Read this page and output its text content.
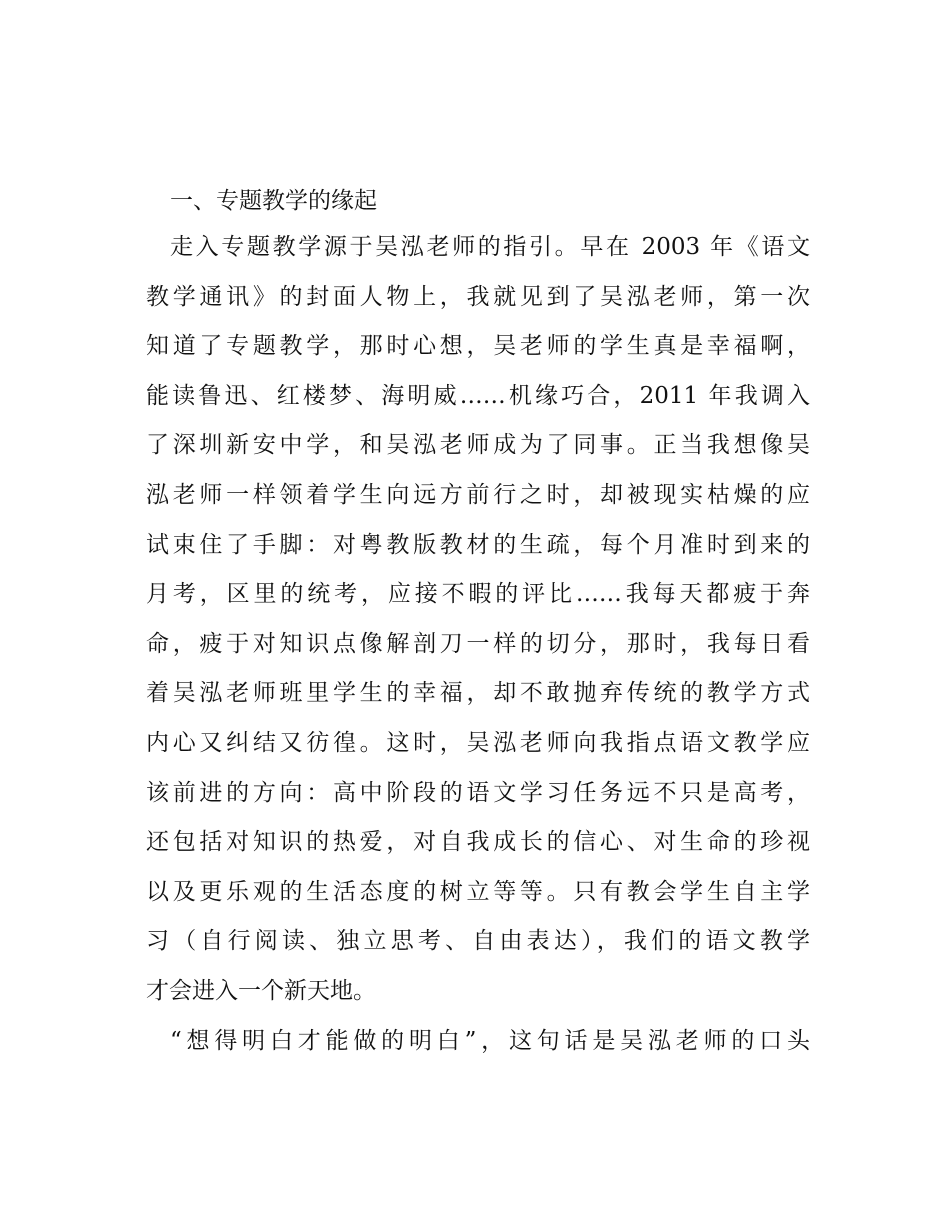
一、专题教学的缘起
走入专题教学源于吴泓老师的指引。早在 2003 年《语文
教学通讯》的封面人物上，我就见到了吴泓老师，第一次
知道了专题教学，那时心想，吴老师的学生真是幸福啊，
能读鲁迅、红楼梦、海明威……机缘巧合，2011 年我调入
了深圳新安中学，和吴泓老师成为了同事。正当我想像吴
泓老师一样领着学生向远方前行之时，却被现实枯燥的应
试束住了手脚：对粤教版教材的生疏，每个月准时到来的
月考，区里的统考，应接不暇的评比……我每天都疲于奔
命，疲于对知识点像解剖刀一样的切分，那时，我每日看
着吴泓老师班里学生的幸福，却不敢抛弃传统的教学方式
内心又纠结又彷徨。这时，吴泓老师向我指点语文教学应
该前进的方向：高中阶段的语文学习任务远不只是高考，
还包括对知识的热爱，对自我成长的信心、对生命的珍视
以及更乐观的生活态度的树立等等。只有教会学生自主学
习（自行阅读、独立思考、自由表达），我们的语文教学
才会进入一个新天地。
“想得明白才能做的明白”，这句话是吴泓老师的口头
